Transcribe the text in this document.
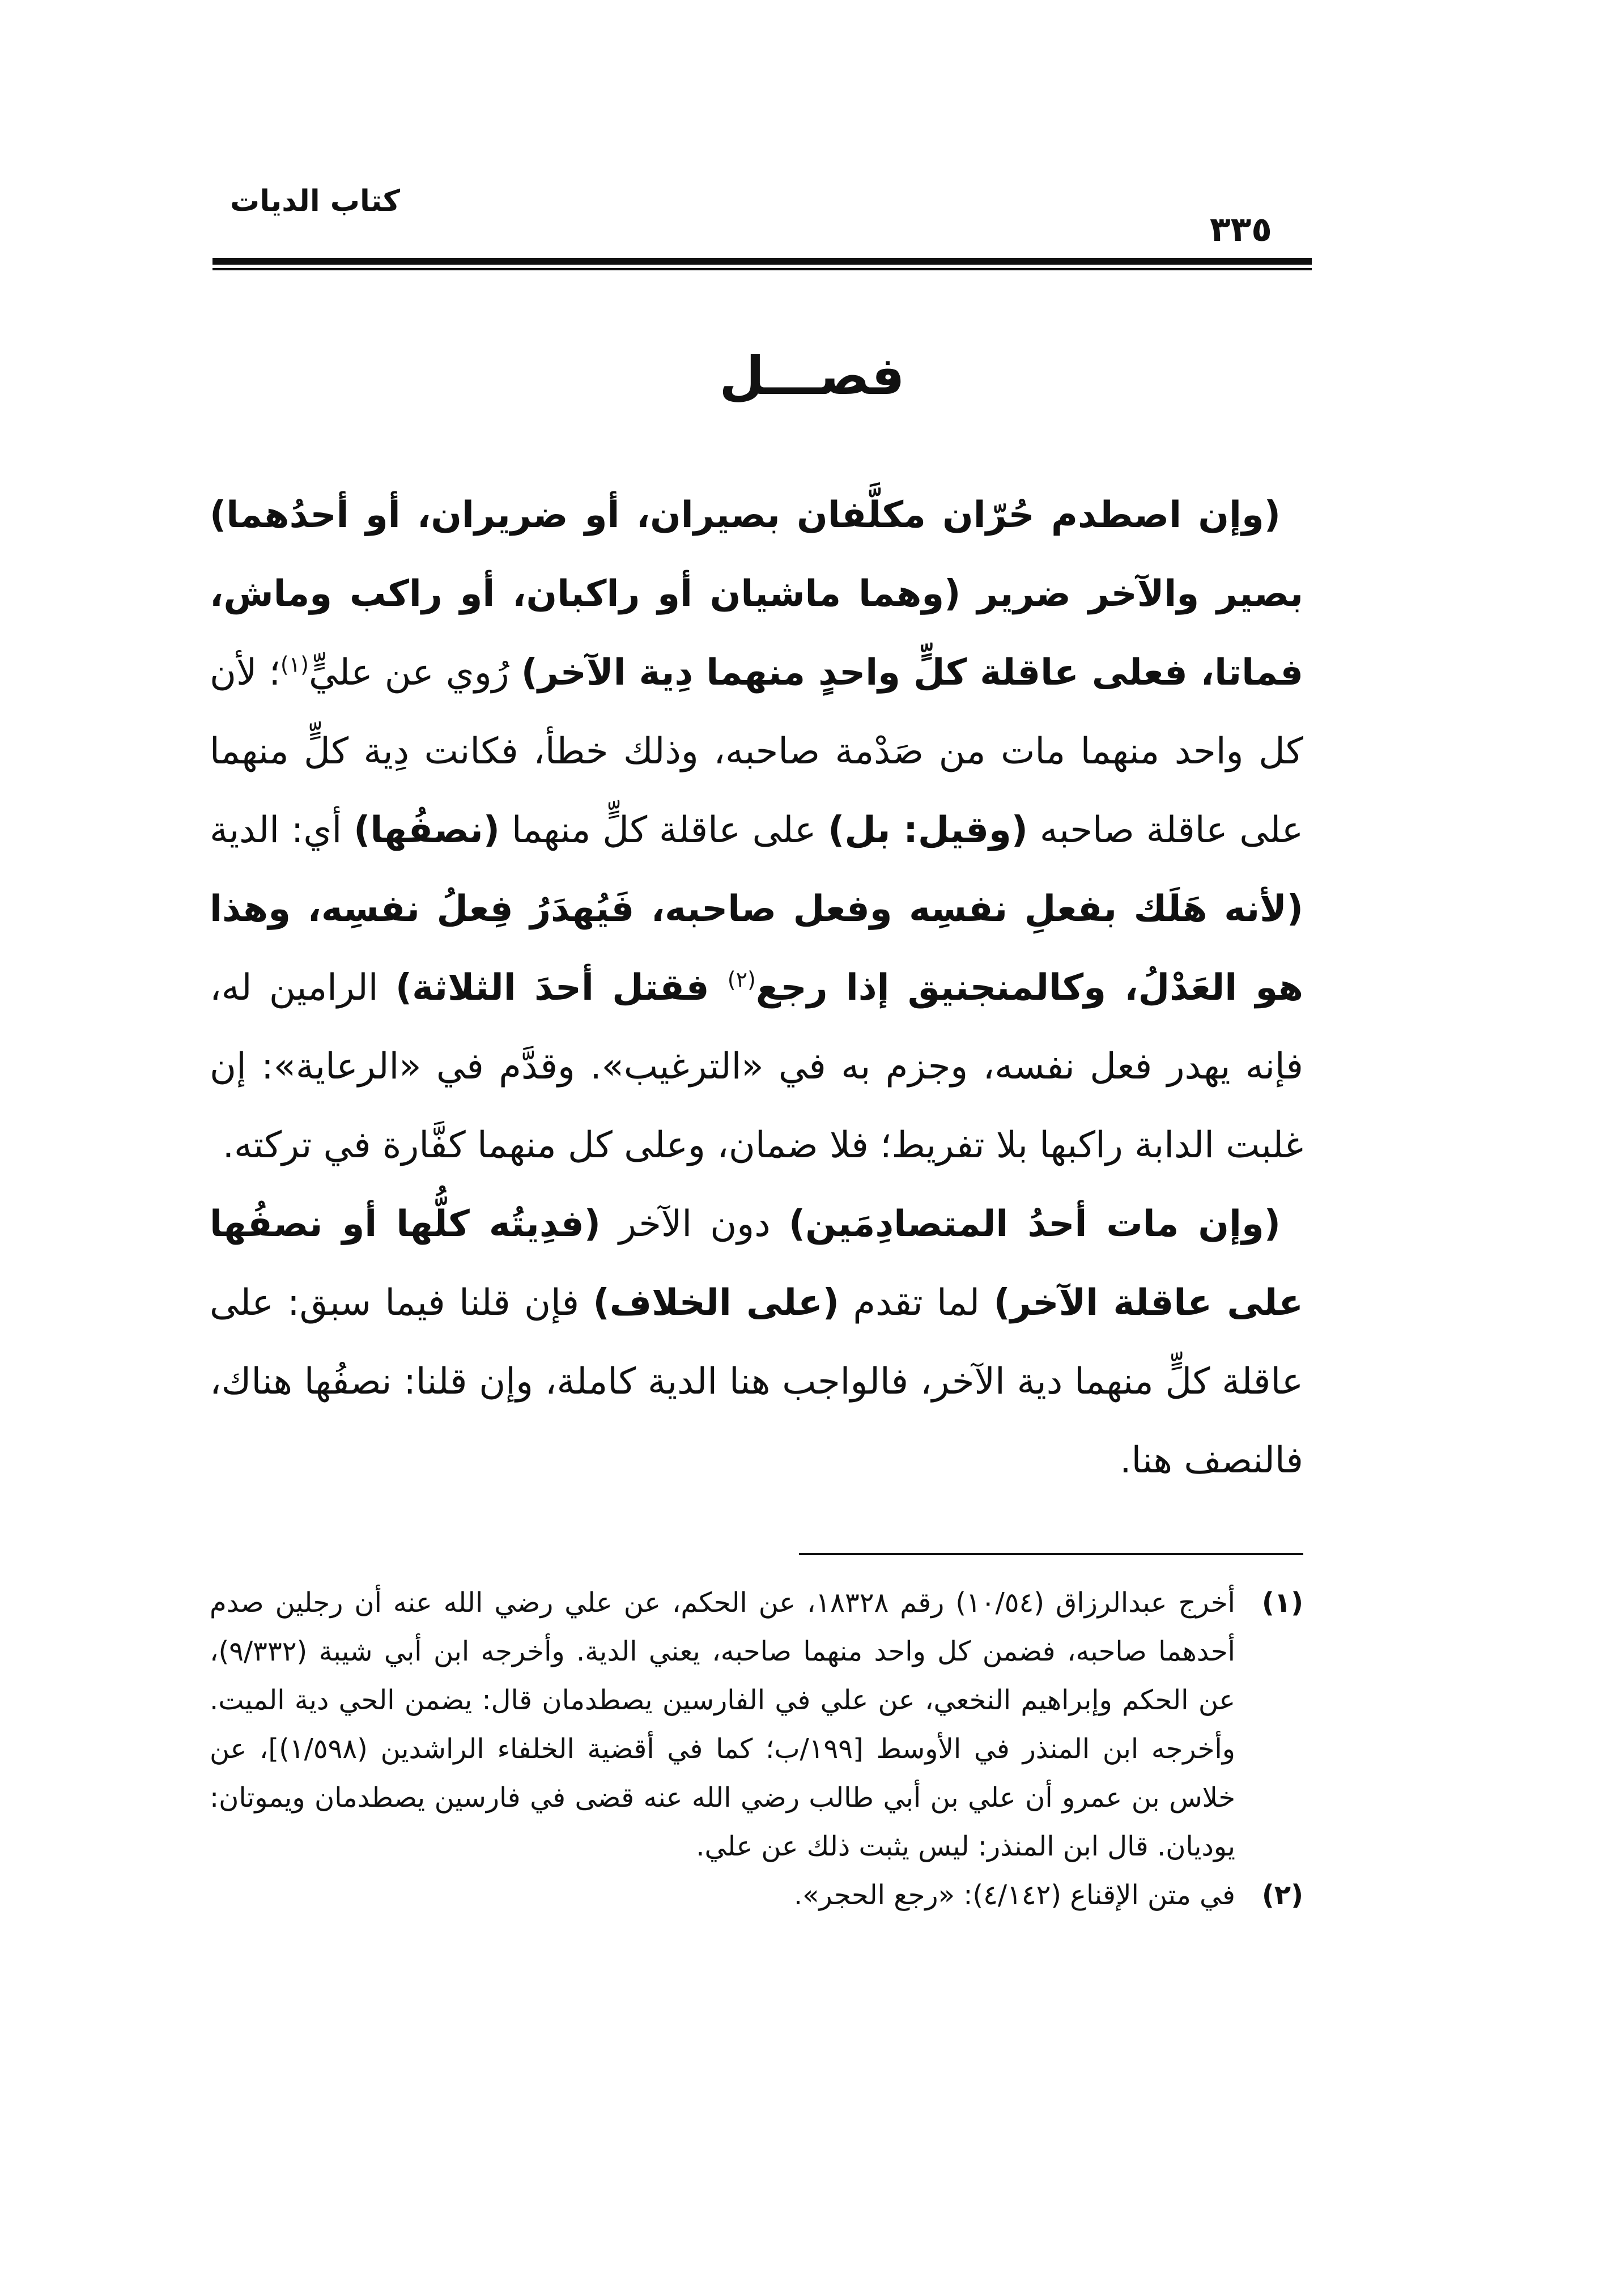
كتاب الديات
٣٣٥
فصـــل

(وإن اصطدم حُرّان مكلَّفان بصيران، أو ضريران، أو أحدُهما) بصير والآخر ضرير (وهما ماشيان أو راكبان، أو راكب وماش، فماتا، فعلى عاقلة كلٍّ واحدٍ منهما دِية الآخر) رُوي عن عليٍّ$^{(١)}$؛ لأن كل واحد منهما مات من صَدْمة صاحبه، وذلك خطأ، فكانت دِية كلٍّ منهما على عاقلة صاحبه (وقيل: بل) على عاقلة كلٍّ منهما (نصفُها) أي: الدية (لأنه هَلَك بفعلِ نفسِه وفعل صاحبه، فَيُهدَرُ فِعلُ نفسِه، وهذا هو العَدْلُ، وكالمنجنيق إذا رجع$^{(٢)}$ فقتل أحدَ الثلاثة) الرامين له، فإنه يهدر فعل نفسه، وجزم به في «الترغيب». وقدَّم في «الرعاية»: إن غلبت الدابة راكبها بلا تفريط؛ فلا ضمان، وعلى كل منهما كفَّارة في تركته.

(وإن مات أحدُ المتصادِمَين) دون الآخر (فدِيتُه كلُّها أو نصفُها على عاقلة الآخر) لما تقدم (على الخلاف) فإن قلنا فيما سبق: على عاقلة كلٍّ منهما دية الآخر، فالواجب هنا الدية كاملة، وإن قلنا: نصفُها هناك، فالنصف هنا.

(١)

أخرج عبدالرزاق (١٠/٥٤) رقم ١٨٣٢٨، عن الحكم، عن علي رضي الله عنه أن رجلين صدم أحدهما صاحبه، فضمن كل واحد منهما صاحبه، يعني الدية. وأخرجه ابن أبي شيبة (٩/٣٣٢)، عن الحكم وإبراهيم النخعي، عن علي في الفارسين يصطدمان قال: يضمن الحي دية الميت. وأخرجه ابن المنذر في الأوسط [١٩٩/ب؛ كما في أقضية الخلفاء الراشدين (١/٥٩٨)]، عن خلاس بن عمرو أن علي بن أبي طالب رضي الله عنه قضى في فارسين يصطدمان ويموتان: يوديان. قال ابن المنذر: ليس يثبت ذلك عن علي.

(٢)

في متن الإقناع (٤/١٤٢): «رجع الحجر».
